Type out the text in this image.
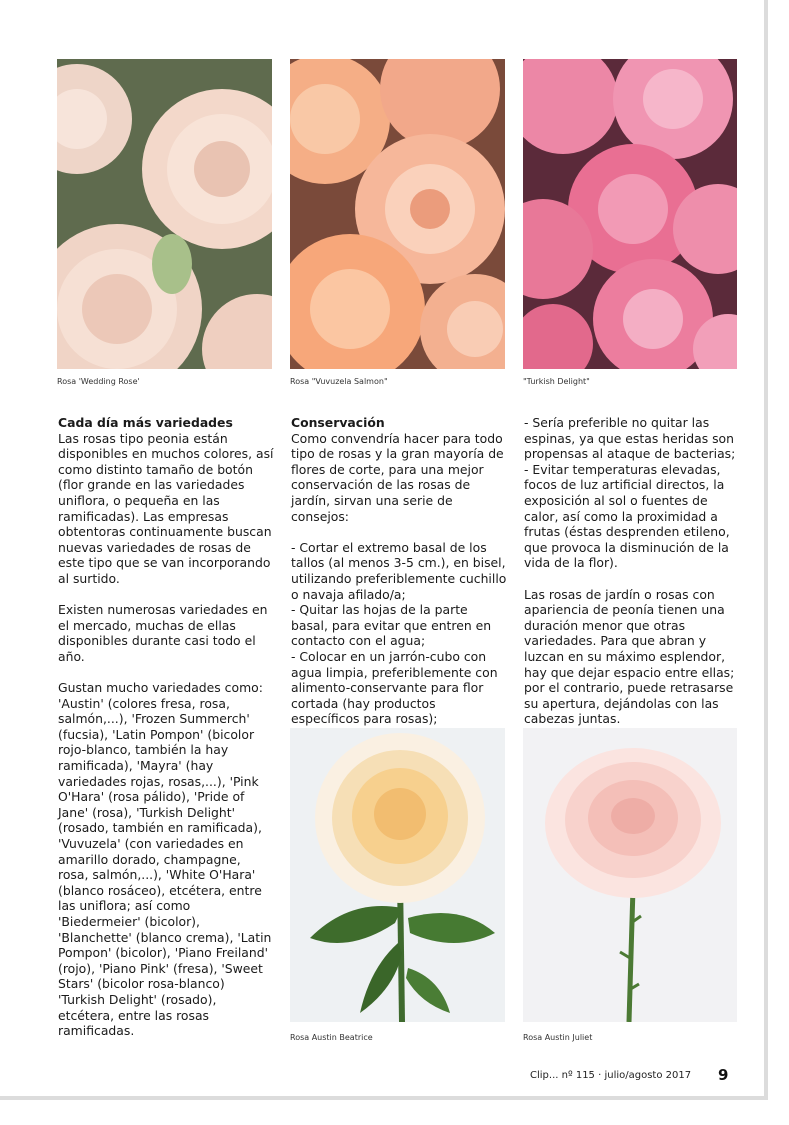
Rosa 'Wedding Rose'	Rosa "Vuvuzela Salmon"	"Turkish Delight"

Cada día más variedades
Las rosas tipo peonia están disponibles en muchos colores, así como distinto tamaño de botón (flor grande en las variedades uniflora, o pequeña en las ramificadas). Las empresas obtentoras continuamente buscan nuevas variedades de rosas de este tipo que se van incorporando al surtido.

Existen numerosas variedades en el mercado, muchas de ellas disponibles durante casi todo el año.

Gustan mucho variedades como: 'Austin' (colores fresa, rosa, salmón,...), 'Frozen Summerch' (fucsia), 'Latin Pompon' (bicolor rojo-blanco, también la hay ramificada), 'Mayra' (hay variedades rojas, rosas,...), 'Pink O'Hara' (rosa pálido), 'Pride of Jane' (rosa), 'Turkish Delight' (rosado, también en ramificada), 'Vuvuzela' (con variedades en amarillo dorado, champagne, rosa, salmón,...), 'White O'Hara' (blanco rosáceo), etcétera, entre las uniflora; así como 'Biedermeier' (bicolor), 'Blanchette' (blanco crema), 'Latin Pompon' (bicolor), 'Piano Freiland' (rojo), 'Piano Pink' (fresa), 'Sweet Stars' (bicolor rosa-blanco) 'Turkish Delight' (rosado), etcétera, entre las rosas ramificadas.

Conservación
Como convendría hacer para todo tipo de rosas y la gran mayoría de flores de corte, para una mejor conservación de las rosas de jardín, sirvan una serie de consejos:

- Cortar el extremo basal de los tallos (al menos 3-5 cm.), en bisel, utilizando preferiblemente cuchillo o navaja afilado/a;
- Quitar las hojas de la parte basal, para evitar que entren en contacto con el agua;
- Colocar en un jarrón-cubo con agua limpia, preferiblemente con alimento-conservante para flor cortada (hay productos específicos para rosas);
- Sería preferible no quitar las espinas, ya que estas heridas son propensas al ataque de bacterias;
- Evitar temperaturas elevadas, focos de luz artificial directos, la exposición al sol o fuentes de calor, así como la proximidad a frutas (éstas desprenden etileno, que provoca la disminución de la vida de la flor).

Las rosas de jardín o rosas con apariencia de peonía tienen una duración menor que otras variedades. Para que abran y luzcan en su máximo esplendor, hay que dejar espacio entre ellas; por el contrario, puede retrasarse su apertura, dejándolas con las cabezas juntas.

Rosa Austin Beatrice	Rosa Austin Juliet
Clip... nº 115 · julio/agosto 2017 9
